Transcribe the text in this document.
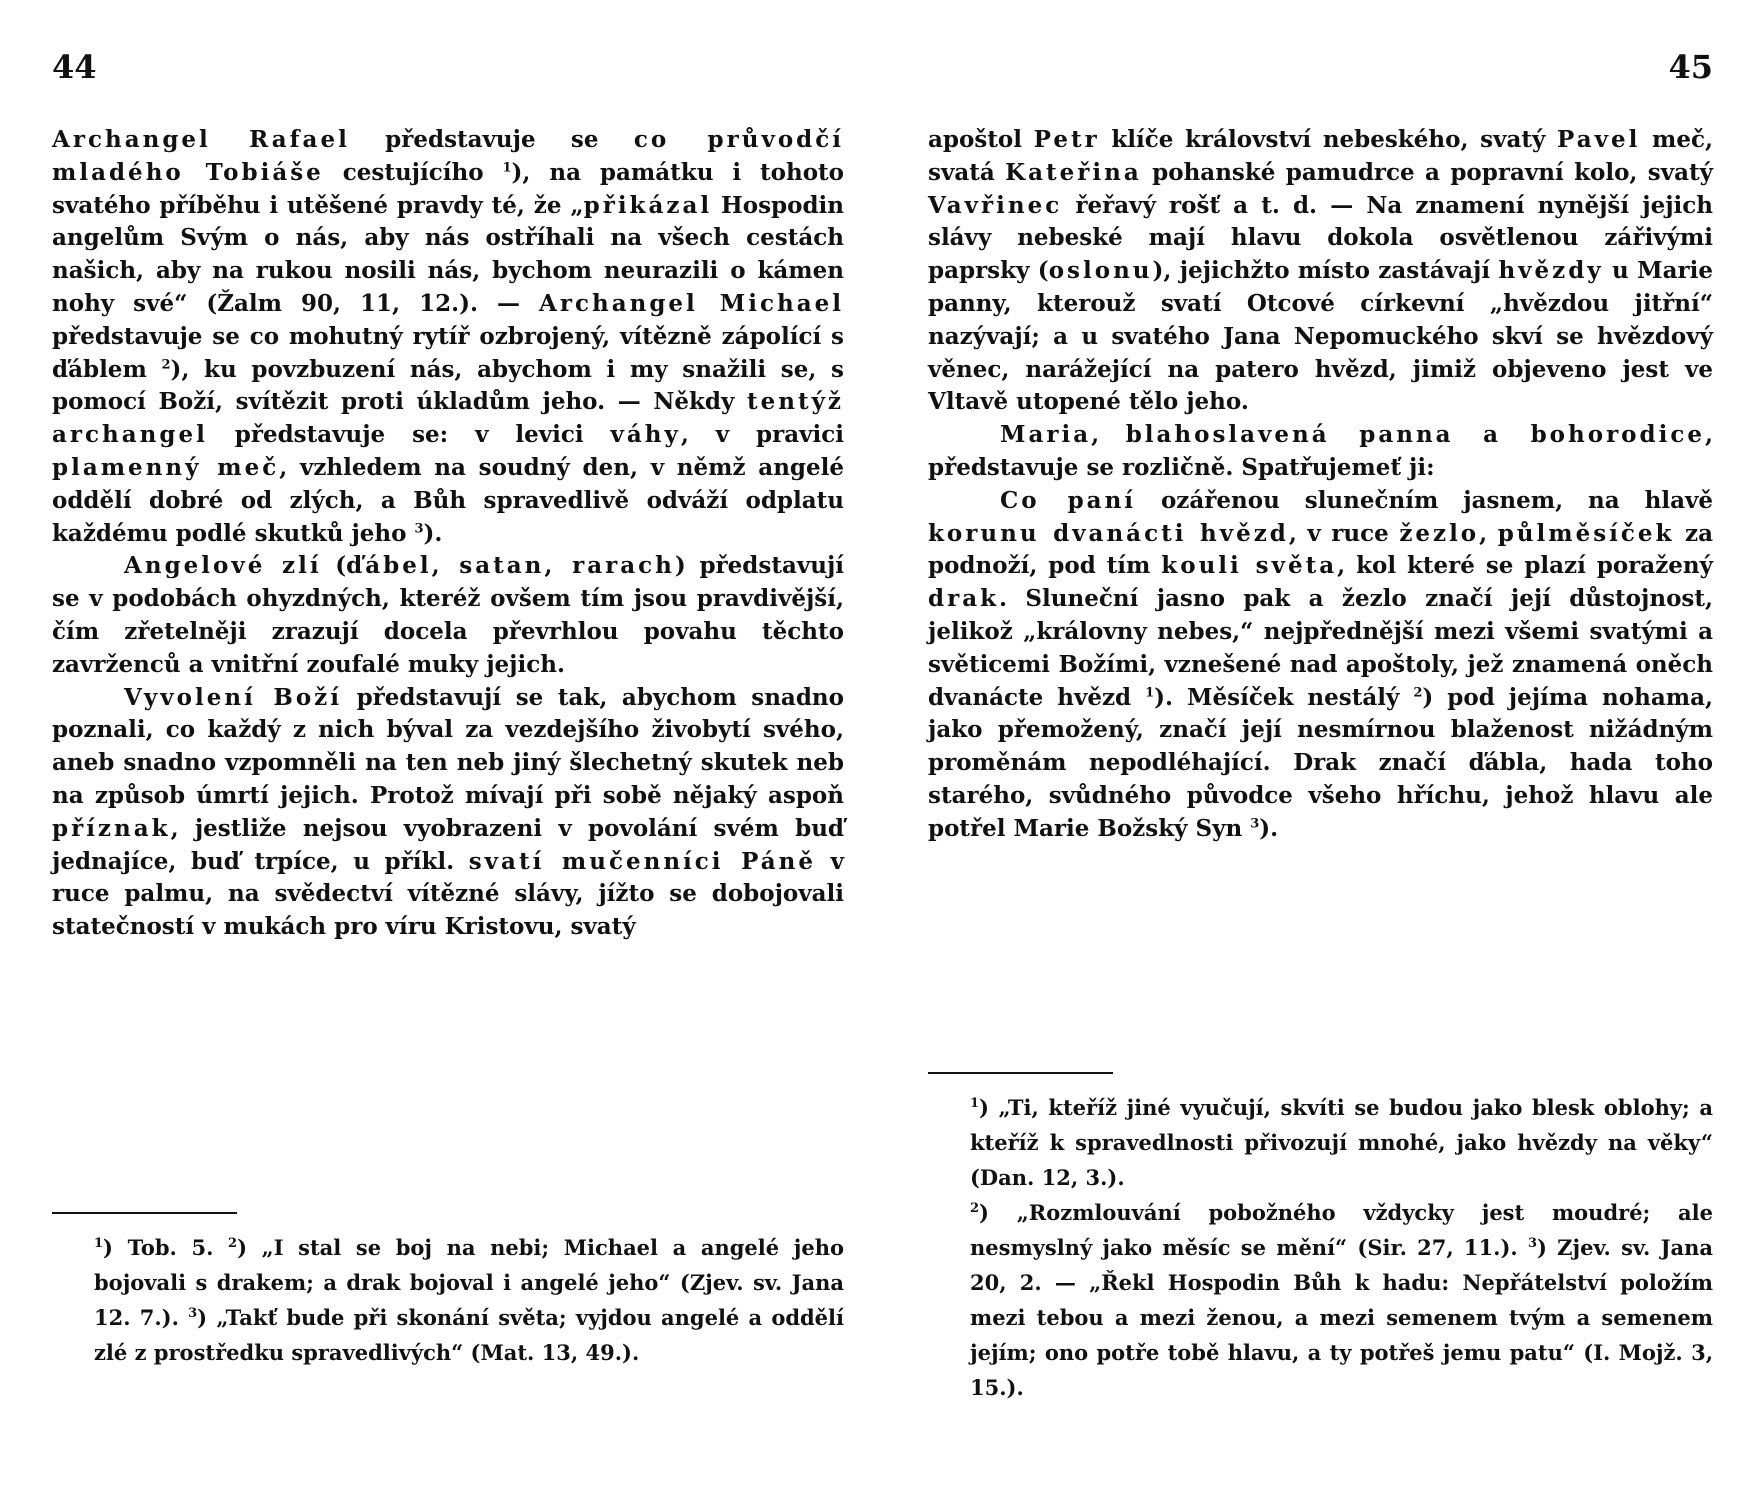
44

Archangel Rafael představuje se co průvodčí mladého Tobiáše cestujícího $^1$), na památku i tohoto svatého příběhu i utěšené pravdy té, že „přikázal Hospodin angelům Svým o nás, aby nás ostříhali na všech cestách našich, aby na rukou nosili nás, bychom neurazili o kámen nohy své“ (Žalm 90, 11, 12.). — Archangel Michael představuje se co mohutný rytíř ozbrojený, vítězně zápolící s ďáblem $^2$), ku povzbuzení nás, abychom i my snažili se, s pomocí Boží, svítězit proti úkladům jeho. — Někdy tentýž archangel představuje se: v levici váhy, v pravici plamenný meč, vzhledem na soudný den, v němž angelé oddělí dobré od zlých, a Bůh spravedlivě odváží odplatu každému podlé skutků jeho $^3$).

Angelové zlí (ďábel, satan, rarach) představují se v podobách ohyzdných, kteréž ovšem tím jsou pravdivější, čím zřetelněji zrazují docela převrhlou povahu těchto zavrženců a vnitřní zoufalé muky jejich.

Vyvolení Boží představují se tak, abychom snadno poznali, co každý z nich býval za vezdejšího živobytí svého, aneb snadno vzpomněli na ten neb jiný šlechetný skutek neb na způsob úmrtí jejich. Protož mívají při sobě nějaký aspoň příznak, jestliže nejsou vyobrazeni v povolání svém buď jednajíce, buď trpíce, u příkl. svatí mučenníci Páně v ruce palmu, na svědectví vítězné slávy, jížto se dobojovali statečností v mukách pro víru Kristovu, svatý

$^1$) Tob. 5. $^2$) „I stal se boj na nebi; Michael a angelé jeho bojovali s drakem; a drak bojoval i angelé jeho“ (Zjev. sv. Jana 12. 7.). $^3$) „Takť bude při skonání světa; vyjdou angelé a oddělí zlé z prostředku spravedlivých“ (Mat. 13, 49.).

45

apoštol Petr klíče království nebeského, svatý Pavel meč, svatá Kateřina pohanské pamudrce a popravní kolo, svatý Vavřinec řeřavý rošť a t. d. — Na znamení nynější jejich slávy nebeské mají hlavu dokola osvětlenou zářivými paprsky (oslonu), jejichžto místo zastávají hvězdy u Marie panny, kterouž svatí Otcové církevní „hvězdou jitřní“ nazývají; a u svatého Jana Nepomuckého skví se hvězdový věnec, narážející na patero hvězd, jimiž objeveno jest ve Vltavě utopené tělo jeho.

Maria, blahoslavená panna a bohorodice, představuje se rozličně. Spatřujemeť ji:

Co paní ozářenou slunečním jasnem, na hlavě korunu dvanácti hvězd, v ruce žezlo, půlměsíček za podnoží, pod tím kouli světa, kol které se plazí poražený drak. Sluneční jasno pak a žezlo značí její důstojnost, jelikož „královny nebes,“ nejpřednější mezi všemi svatými a světicemi Božími, vznešené nad apoštoly, jež znamená oněch dvanácte hvězd $^1$). Měsíček nestálý $^2$) pod jejíma nohama, jako přemožený, značí její nesmírnou blaženost nižádným proměnám nepodléhající. Drak značí ďábla, hada toho starého, svůdného původce všeho hříchu, jehož hlavu ale potřel Marie Božský Syn $^3$).

$^1$) „Ti, kteříž jiné vyučují, skvíti se budou jako blesk oblohy; a kteříž k spravedlnosti přivozují mnohé, jako hvězdy na věky“ (Dan. 12, 3.).

$^2$) „Rozmlouvání pobožného vždycky jest moudré; ale nesmyslný jako měsíc se mění“ (Sir. 27, 11.). $^3$) Zjev. sv. Jana 20, 2. — „Řekl Hospodin Bůh k hadu: Nepřátelství položím mezi tebou a mezi ženou, a mezi semenem tvým a semenem jejím; ono potře tobě hlavu, a ty potřeš jemu patu“ (I. Mojž. 3, 15.).
